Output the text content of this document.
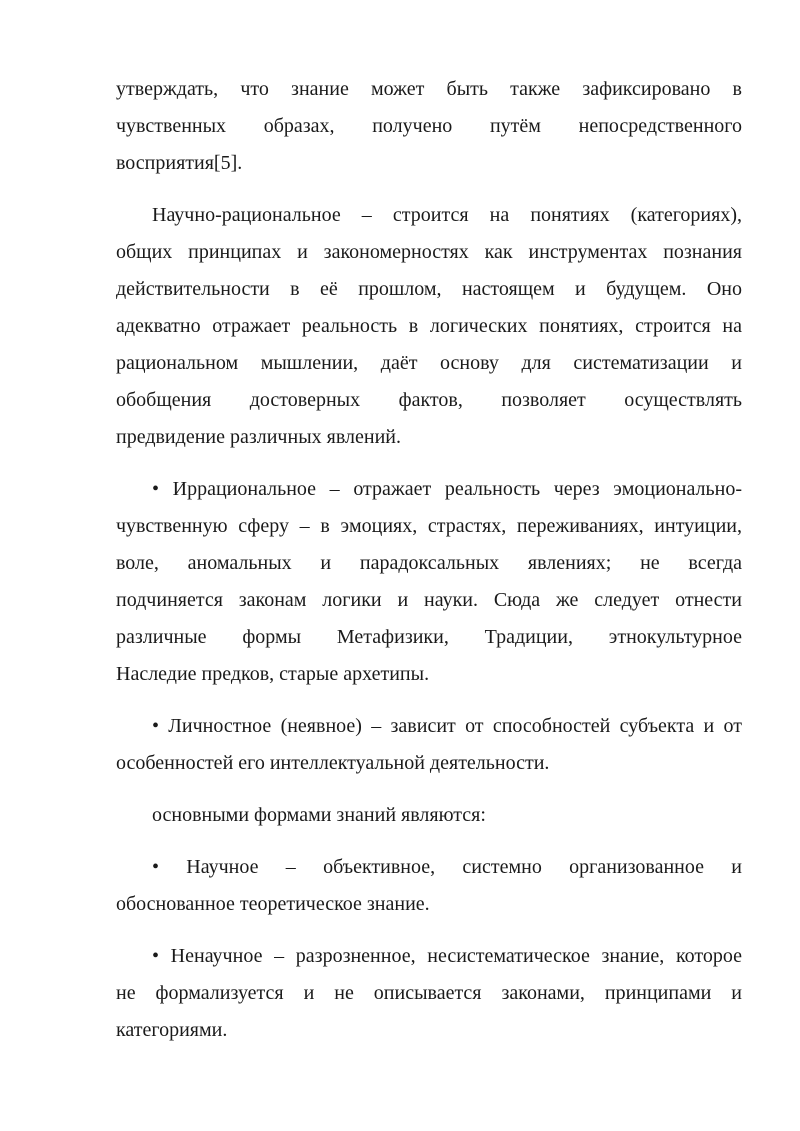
утверждать, что знание может быть также зафиксировано в
чувственных образах, получено путём непосредственного
восприятия[5].

Научно-рациональное – строится на понятиях (категориях),
общих принципах и закономерностях как инструментах познания
действительности в её прошлом, настоящем и будущем. Оно
адекватно отражает реальность в логических понятиях, строится на
рациональном мышлении, даёт основу для систематизации и
обобщения достоверных фактов, позволяет осуществлять
предвидение различных явлений.

• Иррациональное – отражает реальность через эмоционально-
чувственную сферу – в эмоциях, страстях, переживаниях, интуиции,
воле, аномальных и парадоксальных явлениях; не всегда
подчиняется законам логики и науки. Сюда же следует отнести
различные формы Метафизики, Традиции, этнокультурное
Наследие предков, старые архетипы.

• Личностное (неявное) – зависит от способностей субъекта и от
особенностей его интеллектуальной деятельности.

основными формами знаний являются:

• Научное – объективное, системно организованное и
обоснованное теоретическое знание.

• Ненаучное – разрозненное, несистематическое знание, которое
не формализуется и не описывается законами, принципами и
категориями.
